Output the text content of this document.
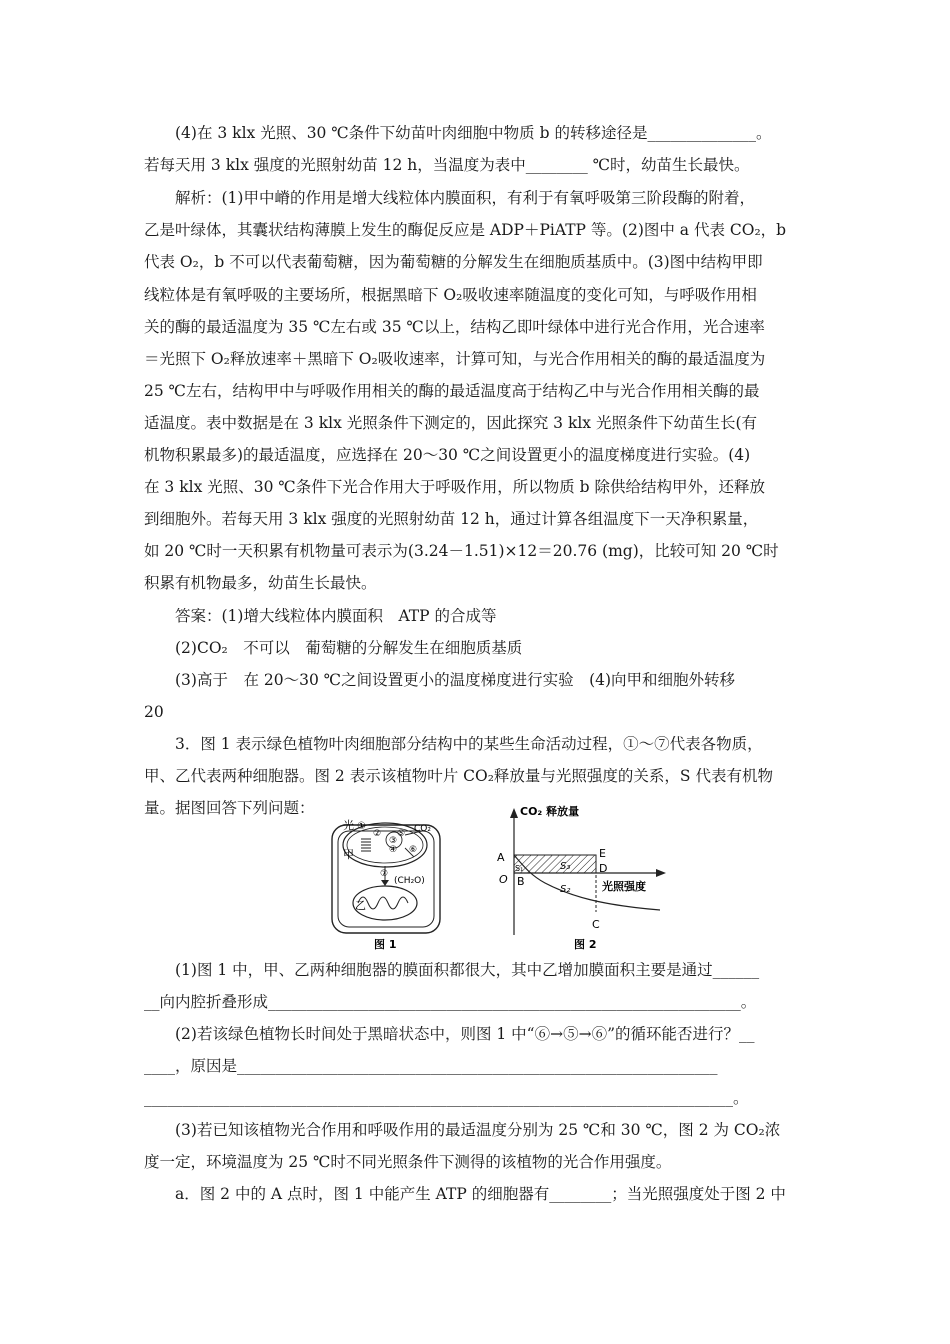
(4)在 3 klx 光照、30 ℃条件下幼苗叶肉细胞中物质 b 的转移途径是______________。
若每天用 3 klx 强度的光照射幼苗 12 h，当温度为表中________ ℃时，幼苗生长最快。
解析：(1)甲中嵴的作用是增大线粒体内膜面积，有利于有氧呼吸第三阶段酶的附着，
乙是叶绿体，其囊状结构薄膜上发生的酶促反应是 ADP＋PiATP 等。(2)图中 a 代表 CO₂，b
代表 O₂，b 不可以代表葡萄糖，因为葡萄糖的分解发生在细胞质基质中。(3)图中结构甲即
线粒体是有氧呼吸的主要场所，根据黑暗下 O₂吸收速率随温度的变化可知，与呼吸作用相
关的酶的最适温度为 35 ℃左右或 35 ℃以上，结构乙即叶绿体中进行光合作用，光合速率
＝光照下 O₂释放速率＋黑暗下 O₂吸收速率，计算可知，与光合作用相关的酶的最适温度为
25 ℃左右，结构甲中与呼吸作用相关的酶的最适温度高于结构乙中与光合作用相关酶的最
适温度。表中数据是在 3 klx 光照条件下测定的，因此探究 3 klx 光照条件下幼苗生长(有
机物积累最多)的最适温度，应选择在 20～30 ℃之间设置更小的温度梯度进行实验。(4)
在 3 klx 光照、30 ℃条件下光合作用大于呼吸作用，所以物质 b 除供给结构甲外，还释放
到细胞外。若每天用 3 klx 强度的光照射幼苗 12 h，通过计算各组温度下一天净积累量，
如 20 ℃时一天积累有机物量可表示为(3.24－1.51)×12＝20.76 (mg)，比较可知 20 ℃时
积累有机物最多，幼苗生长最快。
答案：(1)增大线粒体内膜面积　ATP 的合成等
(2)CO₂　不可以　葡萄糖的分解发生在细胞质基质
(3)高于　在 20～30 ℃之间设置更小的温度梯度进行实验　(4)向甲和细胞外转移
20
3．图 1 表示绿色植物叶肉细胞部分结构中的某些生命活动过程，①～⑦代表各物质，
甲、乙代表两种细胞器。图 2 表示该植物叶片 CO₂释放量与光照强度的关系，S 代表有机物
量。据图回答下列问题：
光 ①
②
③
⑤
④ ⑥
CO₂
甲
⑦
(CH₂O)
乙
图 1
CO₂ 释放量
A
O B
S₁	S₃
S₂
E
D
光照强度
C
图 2
(1)图 1 中，甲、乙两种细胞器的膜面积都很大，其中乙增加膜面积主要是通过______
__向内腔折叠形成_____________________________________________________________。
(2)若该绿色植物长时间处于黑暗状态中，则图 1 中“⑥→⑤→⑥”的循环能否进行？__
____，原因是______________________________________________________________
____________________________________________________________________________。
(3)若已知该植物光合作用和呼吸作用的最适温度分别为 25 ℃和 30 ℃，图 2 为 CO₂浓
度一定，环境温度为 25 ℃时不同光照条件下测得的该植物的光合作用强度。
a．图 2 中的 A 点时，图 1 中能产生 ATP 的细胞器有________；当光照强度处于图 2 中
